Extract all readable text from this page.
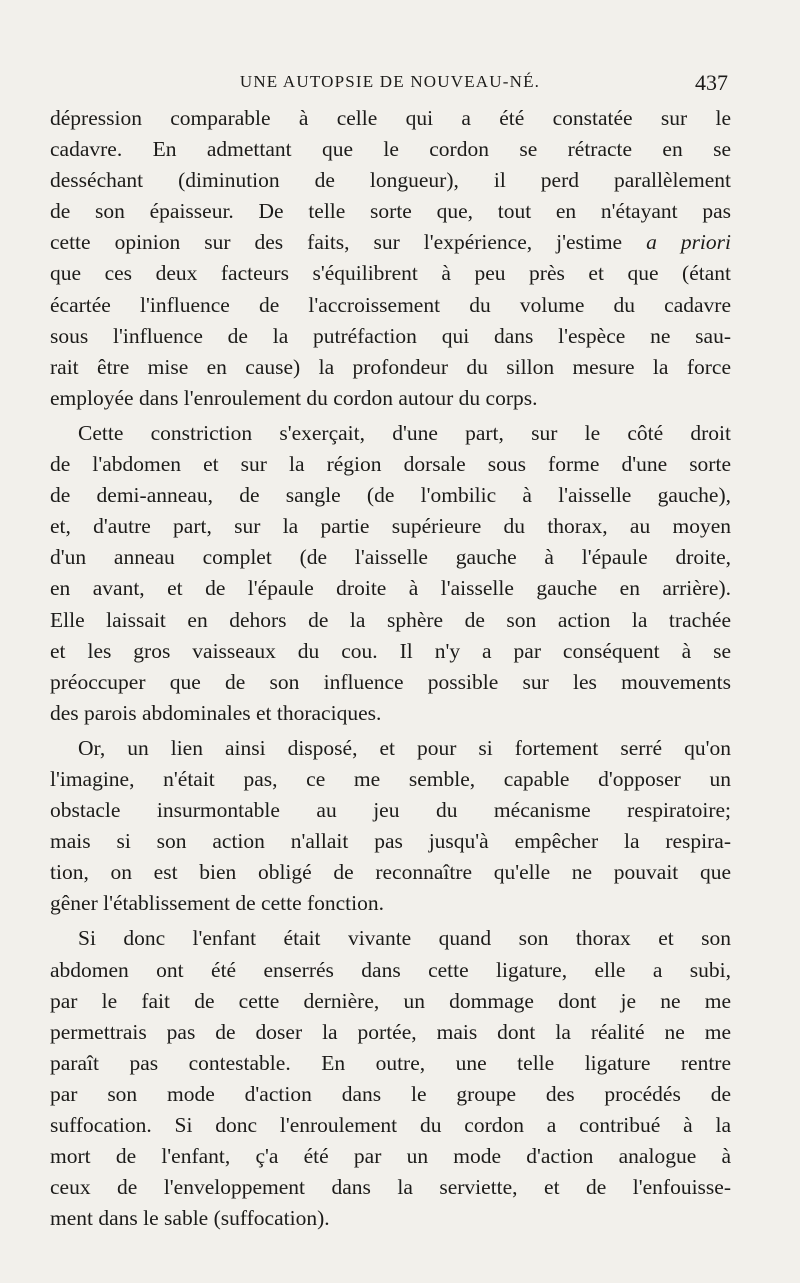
UNE AUTOPSIE DE NOUVEAU-NÉ.	437

dépression comparable à celle qui a été constatée sur le
cadavre. En admettant que le cordon se rétracte en se
desséchant (diminution de longueur), il perd parallèlement
de son épaisseur. De telle sorte que, tout en n'étayant pas
cette opinion sur des faits, sur l'expérience, j'estime a priori
que ces deux facteurs s'équilibrent à peu près et que (étant
écartée l'influence de l'accroissement du volume du cadavre
sous l'influence de la putréfaction qui dans l'espèce ne sau-
rait être mise en cause) la profondeur du sillon mesure la force
employée dans l'enroulement du cordon autour du corps.

Cette constriction s'exerçait, d'une part, sur le côté droit
de l'abdomen et sur la région dorsale sous forme d'une sorte
de demi-anneau, de sangle (de l'ombilic à l'aisselle gauche),
et, d'autre part, sur la partie supérieure du thorax, au moyen
d'un anneau complet (de l'aisselle gauche à l'épaule droite,
en avant, et de l'épaule droite à l'aisselle gauche en arrière).
Elle laissait en dehors de la sphère de son action la trachée
et les gros vaisseaux du cou. Il n'y a par conséquent à se
préoccuper que de son influence possible sur les mouvements
des parois abdominales et thoraciques.

Or, un lien ainsi disposé, et pour si fortement serré qu'on
l'imagine, n'était pas, ce me semble, capable d'opposer un
obstacle insurmontable au jeu du mécanisme respiratoire;
mais si son action n'allait pas jusqu'à empêcher la respira-
tion, on est bien obligé de reconnaître qu'elle ne pouvait que
gêner l'établissement de cette fonction.

Si donc l'enfant était vivante quand son thorax et son
abdomen ont été enserrés dans cette ligature, elle a subi,
par le fait de cette dernière, un dommage dont je ne me
permettrais pas de doser la portée, mais dont la réalité ne me
paraît pas contestable. En outre, une telle ligature rentre
par son mode d'action dans le groupe des procédés de
suffocation. Si donc l'enroulement du cordon a contribué à la
mort de l'enfant, ç'a été par un mode d'action analogue à
ceux de l'enveloppement dans la serviette, et de l'enfouisse-
ment dans le sable (suffocation).
